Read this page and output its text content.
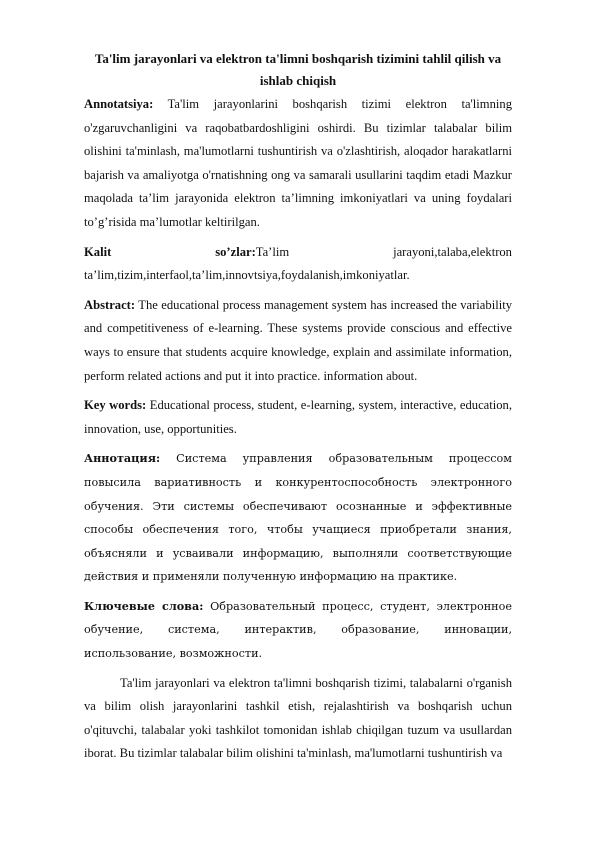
Ta'lim jarayonlari va elektron ta'limni boshqarish tizimini tahlil qilish va ishlab chiqish

Annotatsiya: Ta'lim jarayonlarini boshqarish tizimi elektron ta'limning o'zgaruvchanligini va raqobatbardoshligini oshirdi. Bu tizimlar talabalar bilim olishini ta'minlash, ma'lumotlarni tushuntirish va o'zlashtirish, aloqador harakatlarni bajarish va amaliyotga o'rnatishning ong va samarali usullarini taqdim etadi Mazkur maqolada ta’lim jarayonida elektron ta’limning imkoniyatlari va uning foydalari to’g’risida ma’lumotlar keltirilgan.

Kalit	so’zlar:Ta’lim	jarayoni,talaba,elektron
ta’lim,tizim,interfaol,ta’lim,innovtsiya,foydalanish,imkoniyatlar.

Abstract: The educational process management system has increased the variability and competitiveness of e-learning. These systems provide conscious and effective ways to ensure that students acquire knowledge, explain and assimilate information, perform related actions and put it into practice. information about.

Key words: Educational process, student, e-learning, system, interactive, education, innovation, use, opportunities.

Аннотация: Система управления образовательным процессом повысила вариативность и конкурентоспособность электронного обучения. Эти системы обеспечивают осознанные и эффективные способы обеспечения того, чтобы учащиеся приобретали знания, объясняли и усваивали информацию, выполняли соответствующие действия и применяли полученную информацию на практике.

Ключевые слова: Образовательный процесс, студент, электронное обучение, система, интерактив, образование, инновации, использование, возможности.

Ta'lim jarayonlari va elektron ta'limni boshqarish tizimi, talabalarni o'rganish va bilim olish jarayonlarini tashkil etish, rejalashtirish va boshqarish uchun o'qituvchi, talabalar yoki tashkilot tomonidan ishlab chiqilgan tuzum va usullardan iborat. Bu tizimlar talabalar bilim olishini ta'minlash, ma'lumotlarni tushuntirish va
